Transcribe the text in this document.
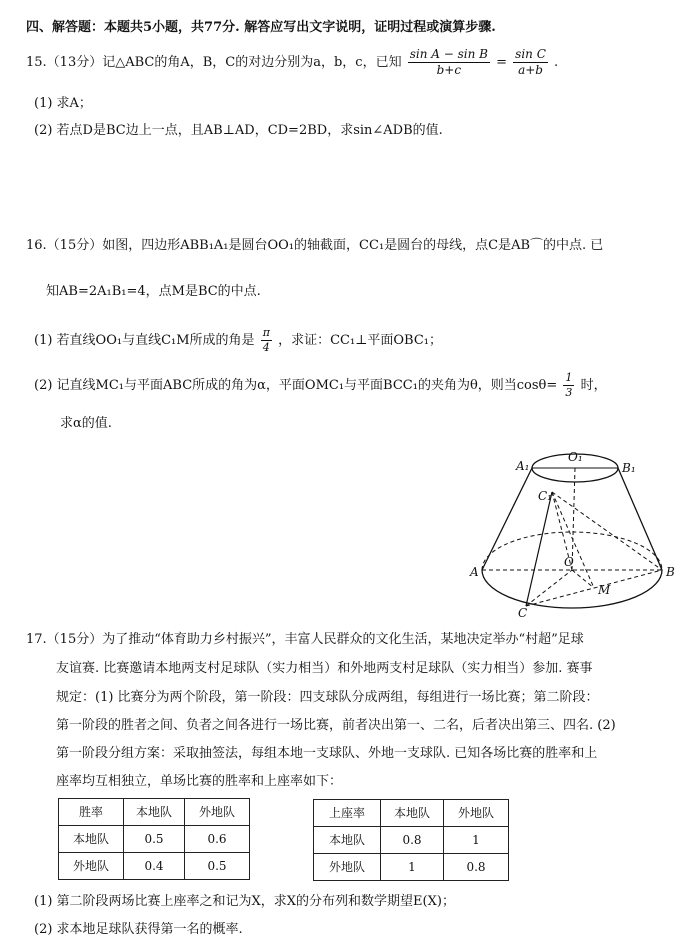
四、解答题：本题共5小题，共77分. 解答应写出文字说明，证明过程或演算步骤.
15.（13分）记△ABC的角A，B，C的对边分别为a，b，c，已知 $\frac{\text{sin A − sin B}}{b+c} = \frac{\text{sin C}}{a+b}$ .
(1) 求A；
(2) 若点D是BC边上一点，且AB⊥AD，CD=2BD，求sin∠ADB的值.
16.（15分）如图，四边形ABB₁A₁是圆台OO₁的轴截面，CC₁是圆台的母线，点C是AB⌒的中点. 已
知AB=2A₁B₁=4，点M是BC的中点.
(1) 若直线OO₁与直线C₁M所成的角是 $\frac{\pi}{4}$ ，求证：CC₁⊥平面OBC₁；
(2) 记直线MC₁与平面ABC所成的角为α，平面OMC₁与平面BCC₁的夹角为θ，则当$\cos\theta= \frac{1}{3}$ 时，
求α的值.
A₁
O₁
B₁
C₁
A
O
M
B
C
17.（15分）为了推动“体育助力乡村振兴”，丰富人民群众的文化生活，某地决定举办“村超”足球
友谊赛. 比赛邀请本地两支村足球队（实力相当）和外地两支村足球队（实力相当）参加. 赛事
规定：(1) 比赛分为两个阶段，第一阶段：四支球队分成两组，每组进行一场比赛；第二阶段：
第一阶段的胜者之间、负者之间各进行一场比赛，前者决出第一、二名，后者决出第三、四名. (2)
第一阶段分组方案：采取抽签法，每组本地一支球队、外地一支球队. 已知各场比赛的胜率和上
座率均互相独立，单场比赛的胜率和上座率如下：
胜率	本地队	外地队
本地队	0.5	0.6
外地队	0.4	0.5
上座率	本地队	外地队
本地队	0.8	1
外地队	1	0.8
(1) 第二阶段两场比赛上座率之和记为X，求X的分布列和数学期望E(X)；
(2) 求本地足球队获得第一名的概率.
